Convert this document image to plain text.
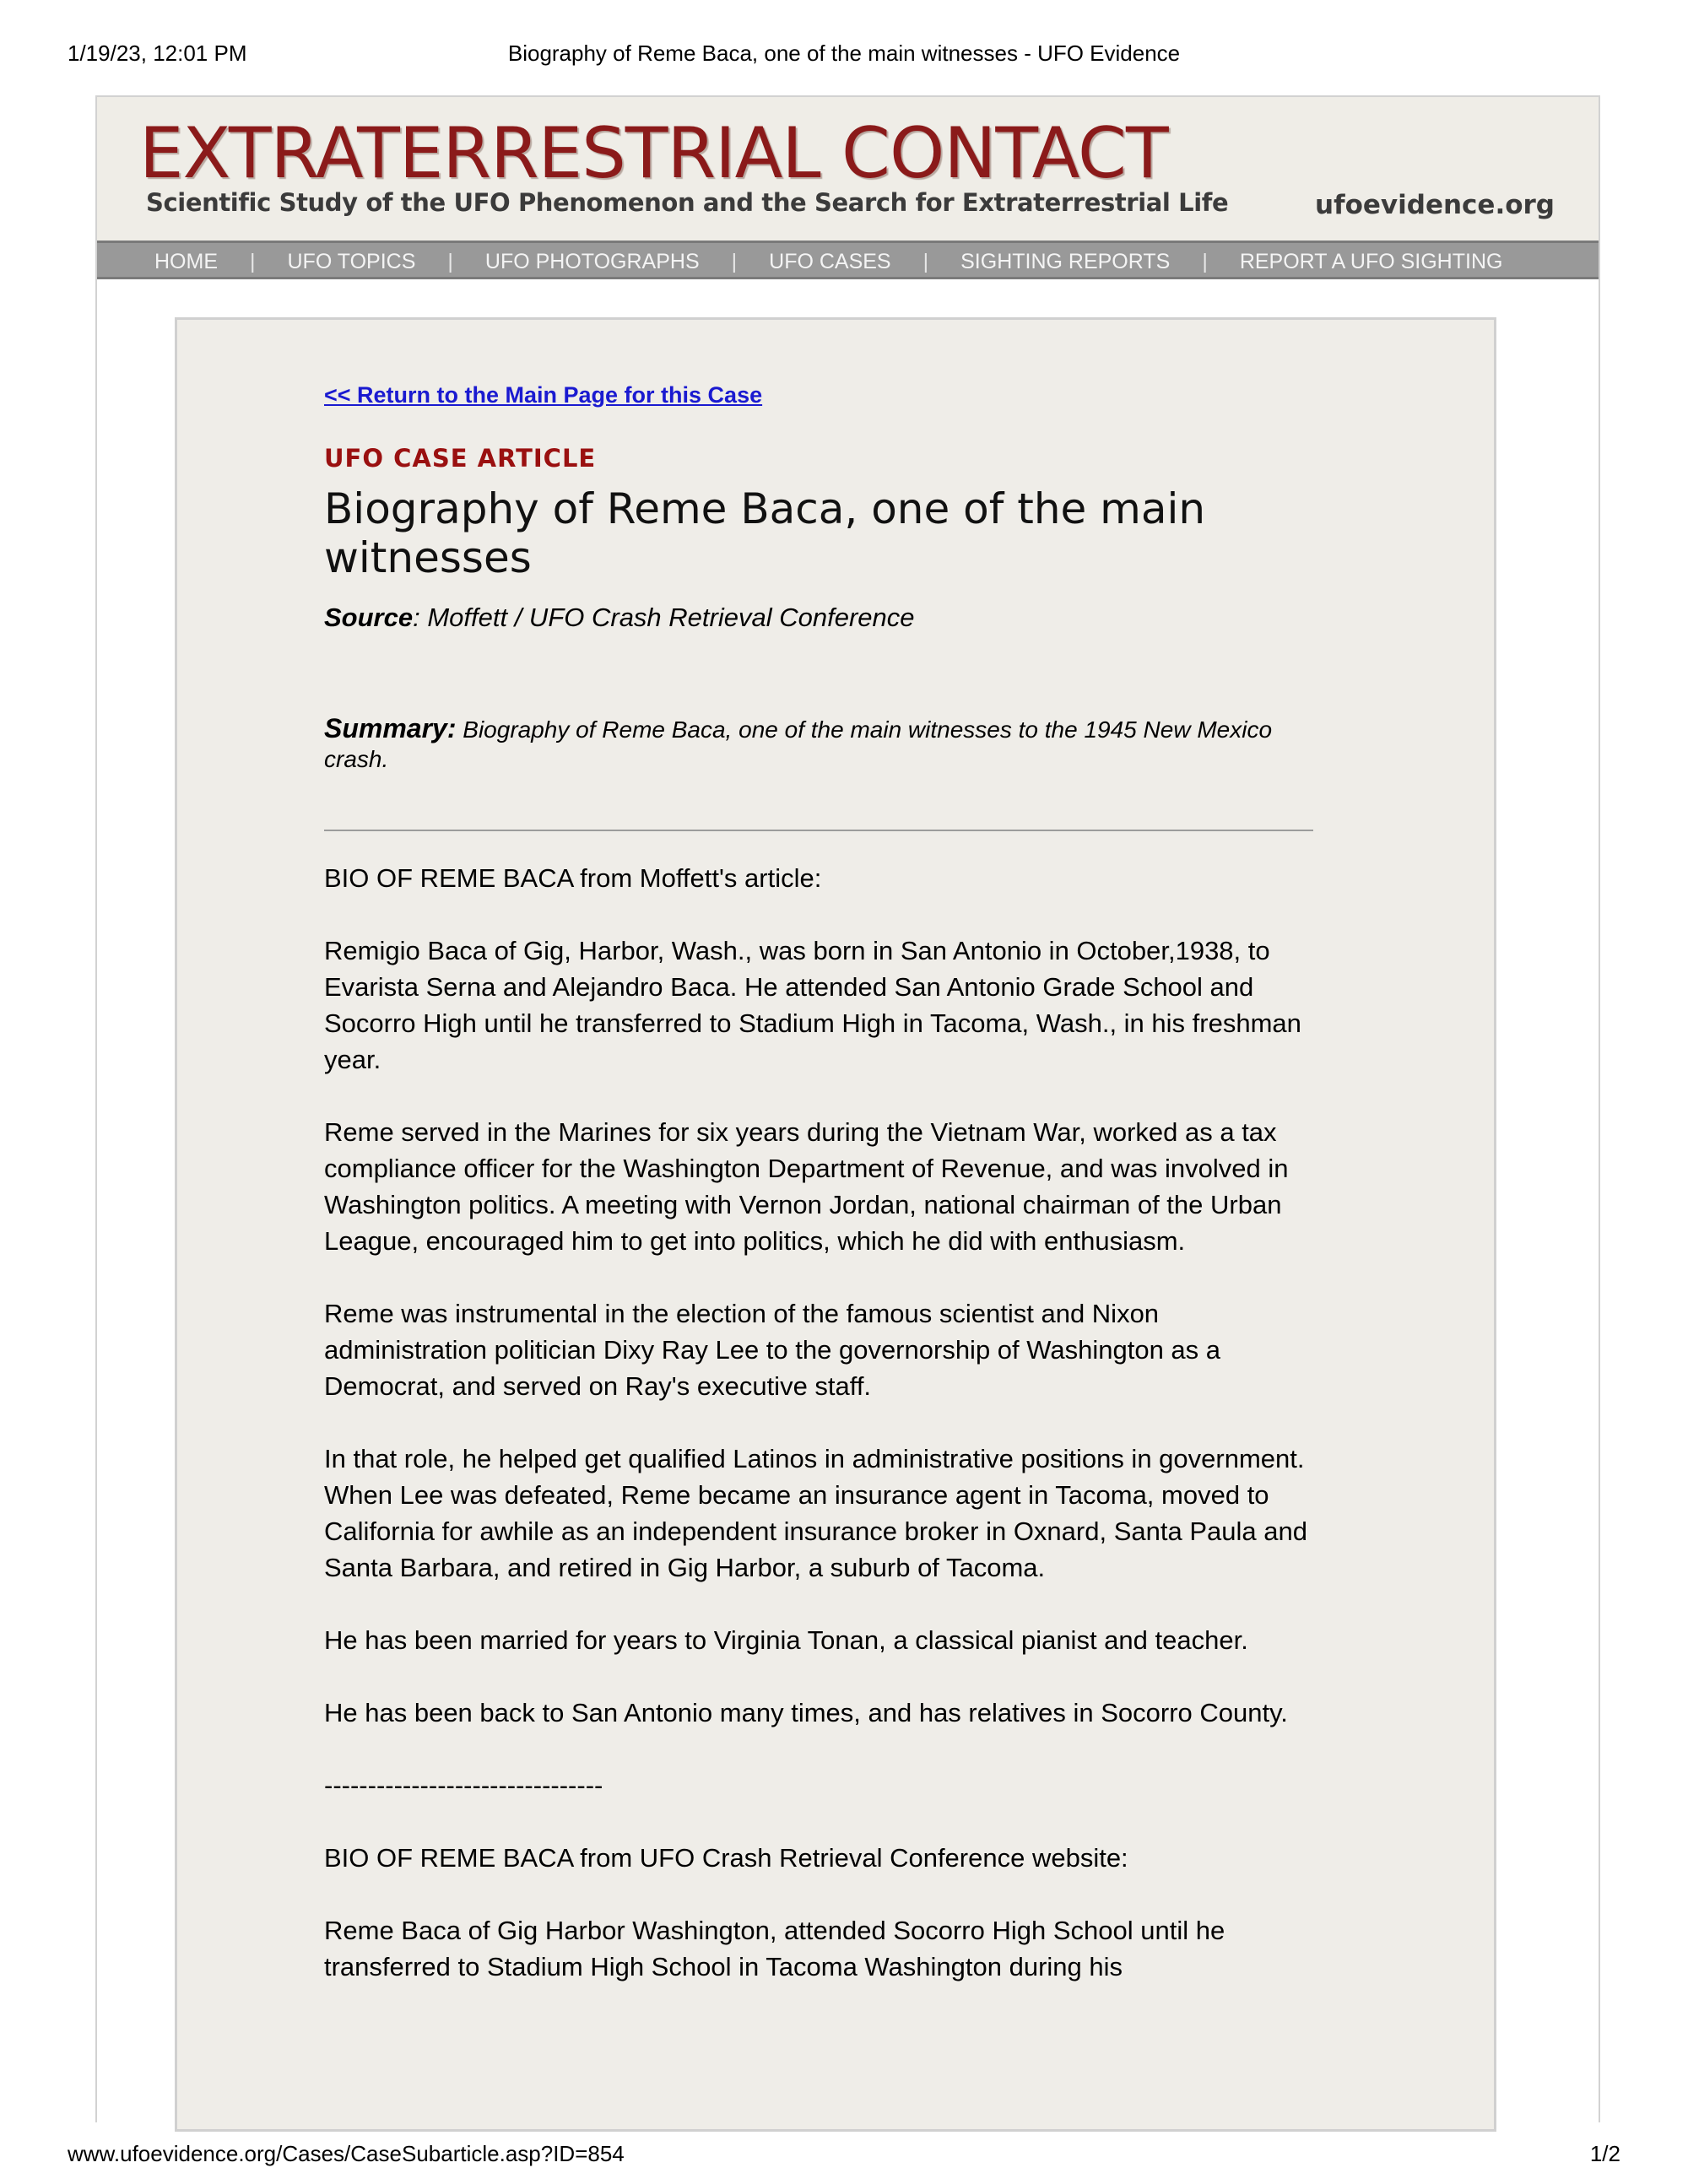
1/19/23, 12:01 PM	Biography of Reme Baca, one of the main witnesses - UFO Evidence
EXTRATERRESTRIAL CONTACT
Scientific Study of the UFO Phenomenon and the Search for Extraterrestrial Life	ufoevidence.org
HOME | UFO TOPICS | UFO PHOTOGRAPHS | UFO CASES | SIGHTING REPORTS | REPORT A UFO SIGHTING
<< Return to the Main Page for this Case
UFO CASE ARTICLE
Biography of Reme Baca, one of the main witnesses
Source: Moffett / UFO Crash Retrieval Conference
Summary: Biography of Reme Baca, one of the main witnesses to the 1945 New Mexico crash.

BIO OF REME BACA from Moffett's article:

Remigio Baca of Gig, Harbor, Wash., was born in San Antonio in October,1938, to Evarista Serna and Alejandro Baca. He attended San Antonio Grade School and Socorro High until he transferred to Stadium High in Tacoma, Wash., in his freshman year.

Reme served in the Marines for six years during the Vietnam War, worked as a tax compliance officer for the Washington Department of Revenue, and was involved in Washington politics. A meeting with Vernon Jordan, national chairman of the Urban League, encouraged him to get into politics, which he did with enthusiasm.

Reme was instrumental in the election of the famous scientist and Nixon administration politician Dixy Ray Lee to the governorship of Washington as a Democrat, and served on Ray's executive staff.

In that role, he helped get qualified Latinos in administrative positions in government. When Lee was defeated, Reme became an insurance agent in Tacoma, moved to California for awhile as an independent insurance broker in Oxnard, Santa Paula and Santa Barbara, and retired in Gig Harbor, a suburb of Tacoma.

He has been married for years to Virginia Tonan, a classical pianist and teacher.

He has been back to San Antonio many times, and has relatives in Socorro County.

--------------------------------

BIO OF REME BACA from UFO Crash Retrieval Conference website:

Reme Baca of Gig Harbor Washington, attended Socorro High School until he transferred to Stadium High School in Tacoma Washington during his

www.ufoevidence.org/Cases/CaseSubarticle.asp?ID=854	1/2
